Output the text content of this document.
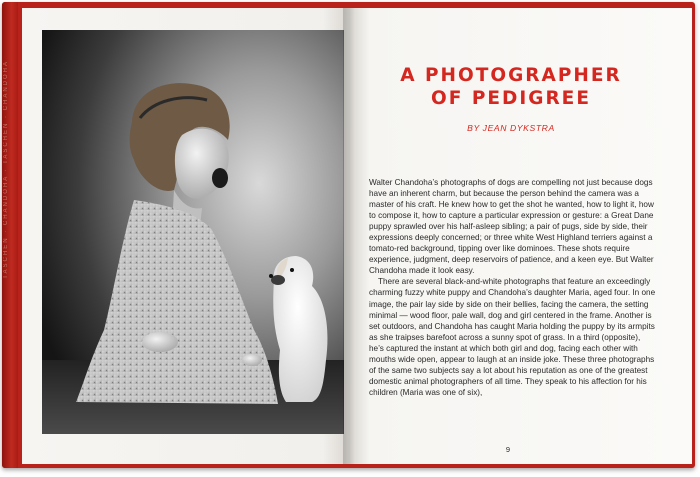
TASCHEN · CHANDOHA · TASCHEN · CHANDOHA	A PHOTOGRAPHER
OF PEDIGREE
BY JEAN DYKSTRA

Walter Chandoha’s photographs of dogs are compelling not just because dogs have an inherent charm, but because the person behind the camera was a master of his craft. He knew how to get the shot he wanted, how to light it, how to compose it, how to capture a particular expression or gesture: a Great Dane puppy sprawled over his half-asleep sibling; a pair of pugs, side by side, their expressions deeply concerned; or three white West Highland terriers against a tomato-red background, tipping over like dominoes. These shots require experience, judgment, deep reservoirs of patience, and a keen eye. But Walter Chandoha made it look easy.

There are several black-and-white photographs that feature an exceedingly charming fuzzy white puppy and Chandoha’s daughter Maria, aged four. In one image, the pair lay side by side on their bellies, facing the camera, the setting minimal — wood floor, pale wall, dog and girl centered in the frame. Another is set outdoors, and Chandoha has caught Maria holding the puppy by its armpits as she traipses barefoot across a sunny spot of grass. In a third (opposite), he’s captured the instant at which both girl and dog, facing each other with mouths wide open, appear to laugh at an inside joke. These three photographs of the same two subjects say a lot about his reputation as one of the greatest domestic animal photographers of all time. They speak to his affection for his children (Maria was one of six),

9
